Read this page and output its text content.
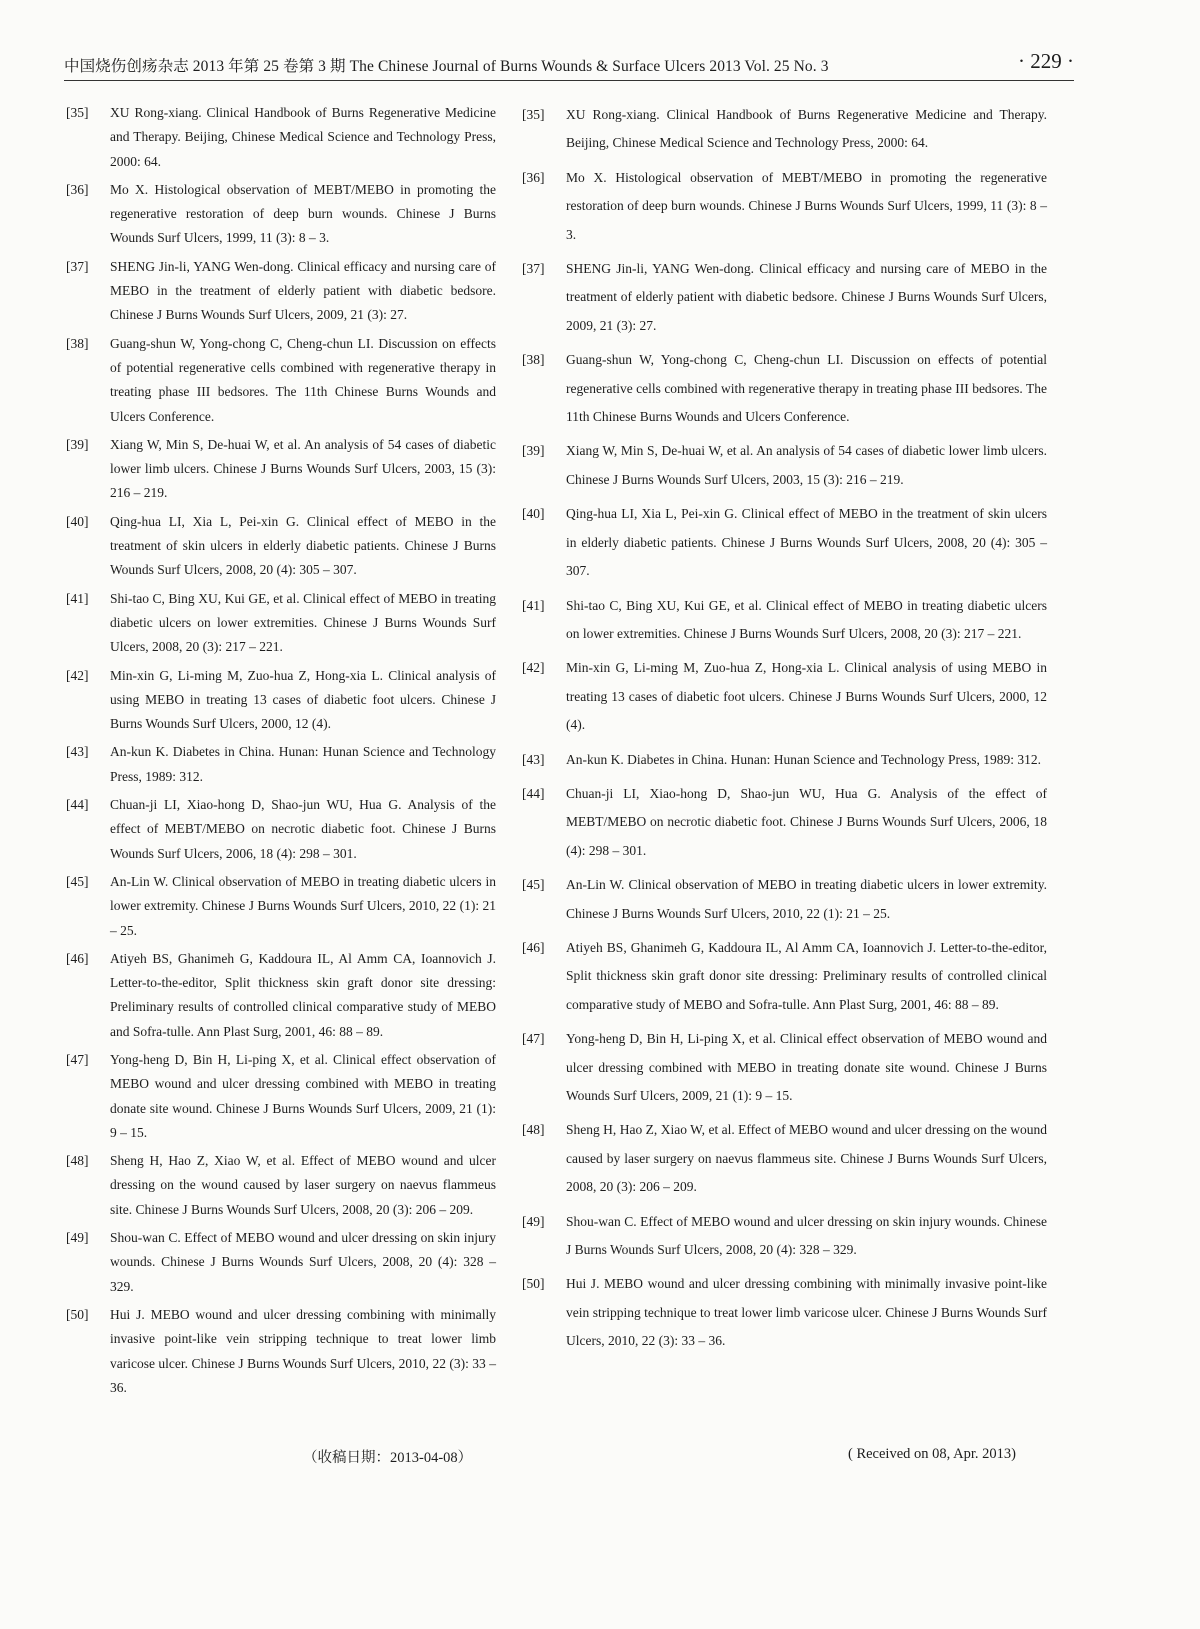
中国烧伤创疡杂志 2013 年第 25 卷第 3 期 The Chinese Journal of Burns Wounds & Surface Ulcers 2013 Vol. 25 No. 3	· 229 ·
[35]	XU Rong-xiang. Clinical Handbook of Burns Regenerative Medicine and Therapy. Beijing, Chinese Medical Science and Technology Press, 2000: 64.
[36]	Mo X. Histological observation of MEBT/MEBO in promoting the regenerative restoration of deep burn wounds. Chinese J Burns Wounds Surf Ulcers, 1999, 11 (3): 8 – 3.
[37]	SHENG Jin-li, YANG Wen-dong. Clinical efficacy and nursing care of MEBO in the treatment of elderly patient with diabetic bedsore. Chinese J Burns Wounds Surf Ulcers, 2009, 21 (3): 27.
[38]	Guang-shun W, Yong-chong C, Cheng-chun LI. Discussion on effects of potential regenerative cells combined with regenerative therapy in treating phase III bedsores. The 11th Chinese Burns Wounds and Ulcers Conference.
[39]	Xiang W, Min S, De-huai W, et al. An analysis of 54 cases of diabetic lower limb ulcers. Chinese J Burns Wounds Surf Ulcers, 2003, 15 (3): 216 – 219.
[40]	Qing-hua LI, Xia L, Pei-xin G. Clinical effect of MEBO in the treatment of skin ulcers in elderly diabetic patients. Chinese J Burns Wounds Surf Ulcers, 2008, 20 (4): 305 – 307.
[41]	Shi-tao C, Bing XU, Kui GE, et al. Clinical effect of MEBO in treating diabetic ulcers on lower extremities. Chinese J Burns Wounds Surf Ulcers, 2008, 20 (3): 217 – 221.
[42]	Min-xin G, Li-ming M, Zuo-hua Z, Hong-xia L. Clinical analysis of using MEBO in treating 13 cases of diabetic foot ulcers. Chinese J Burns Wounds Surf Ulcers, 2000, 12 (4).
[43]	An-kun K. Diabetes in China. Hunan: Hunan Science and Technology Press, 1989: 312.
[44]	Chuan-ji LI, Xiao-hong D, Shao-jun WU, Hua G. Analysis of the effect of MEBT/MEBO on necrotic diabetic foot. Chinese J Burns Wounds Surf Ulcers, 2006, 18 (4): 298 – 301.
[45]	An-Lin W. Clinical observation of MEBO in treating diabetic ulcers in lower extremity. Chinese J Burns Wounds Surf Ulcers, 2010, 22 (1): 21 – 25.
[46]	Atiyeh BS, Ghanimeh G, Kaddoura IL, Al Amm CA, Ioannovich J. Letter-to-the-editor, Split thickness skin graft donor site dressing: Preliminary results of controlled clinical comparative study of MEBO and Sofra-tulle. Ann Plast Surg, 2001, 46: 88 – 89.
[47]	Yong-heng D, Bin H, Li-ping X, et al. Clinical effect observation of MEBO wound and ulcer dressing combined with MEBO in treating donate site wound. Chinese J Burns Wounds Surf Ulcers, 2009, 21 (1): 9 – 15.
[48]	Sheng H, Hao Z, Xiao W, et al. Effect of MEBO wound and ulcer dressing on the wound caused by laser surgery on naevus flammeus site. Chinese J Burns Wounds Surf Ulcers, 2008, 20 (3): 206 – 209.
[49]	Shou-wan C. Effect of MEBO wound and ulcer dressing on skin injury wounds. Chinese J Burns Wounds Surf Ulcers, 2008, 20 (4): 328 – 329.
[50]	Hui J. MEBO wound and ulcer dressing combining with minimally invasive point-like vein stripping technique to treat lower limb varicose ulcer. Chinese J Burns Wounds Surf Ulcers, 2010, 22 (3): 33 – 36.
[35]	XU Rong-xiang. Clinical Handbook of Burns Regenerative Medicine and Therapy. Beijing, Chinese Medical Science and Technology Press, 2000: 64.
[36]	Mo X. Histological observation of MEBT/MEBO in promoting the regenerative restoration of deep burn wounds. Chinese J Burns Wounds Surf Ulcers, 1999, 11 (3): 8 – 3.
[37]	SHENG Jin-li, YANG Wen-dong. Clinical efficacy and nursing care of MEBO in the treatment of elderly patient with diabetic bedsore. Chinese J Burns Wounds Surf Ulcers, 2009, 21 (3): 27.
[38]	Guang-shun W, Yong-chong C, Cheng-chun LI. Discussion on effects of potential regenerative cells combined with regenerative therapy in treating phase III bedsores. The 11th Chinese Burns Wounds and Ulcers Conference.
[39]	Xiang W, Min S, De-huai W, et al. An analysis of 54 cases of diabetic lower limb ulcers. Chinese J Burns Wounds Surf Ulcers, 2003, 15 (3): 216 – 219.
[40]	Qing-hua LI, Xia L, Pei-xin G. Clinical effect of MEBO in the treatment of skin ulcers in elderly diabetic patients. Chinese J Burns Wounds Surf Ulcers, 2008, 20 (4): 305 – 307.
[41]	Shi-tao C, Bing XU, Kui GE, et al. Clinical effect of MEBO in treating diabetic ulcers on lower extremities. Chinese J Burns Wounds Surf Ulcers, 2008, 20 (3): 217 – 221.
[42]	Min-xin G, Li-ming M, Zuo-hua Z, Hong-xia L. Clinical analysis of using MEBO in treating 13 cases of diabetic foot ulcers. Chinese J Burns Wounds Surf Ulcers, 2000, 12 (4).
[43]	An-kun K. Diabetes in China. Hunan: Hunan Science and Technology Press, 1989: 312.
[44]	Chuan-ji LI, Xiao-hong D, Shao-jun WU, Hua G. Analysis of the effect of MEBT/MEBO on necrotic diabetic foot. Chinese J Burns Wounds Surf Ulcers, 2006, 18 (4): 298 – 301.
[45]	An-Lin W. Clinical observation of MEBO in treating diabetic ulcers in lower extremity. Chinese J Burns Wounds Surf Ulcers, 2010, 22 (1): 21 – 25.
[46]	Atiyeh BS, Ghanimeh G, Kaddoura IL, Al Amm CA, Ioannovich J. Letter-to-the-editor, Split thickness skin graft donor site dressing: Preliminary results of controlled clinical comparative study of MEBO and Sofra-tulle. Ann Plast Surg, 2001, 46: 88 – 89.
[47]	Yong-heng D, Bin H, Li-ping X, et al. Clinical effect observation of MEBO wound and ulcer dressing combined with MEBO in treating donate site wound. Chinese J Burns Wounds Surf Ulcers, 2009, 21 (1): 9 – 15.
[48]	Sheng H, Hao Z, Xiao W, et al. Effect of MEBO wound and ulcer dressing on the wound caused by laser surgery on naevus flammeus site. Chinese J Burns Wounds Surf Ulcers, 2008, 20 (3): 206 – 209.
[49]	Shou-wan C. Effect of MEBO wound and ulcer dressing on skin injury wounds. Chinese J Burns Wounds Surf Ulcers, 2008, 20 (4): 328 – 329.
[50]	Hui J. MEBO wound and ulcer dressing combining with minimally invasive point-like vein stripping technique to treat lower limb varicose ulcer. Chinese J Burns Wounds Surf Ulcers, 2010, 22 (3): 33 – 36.
（收稿日期：2013-04-08）	( Received on 08, Apr. 2013)
